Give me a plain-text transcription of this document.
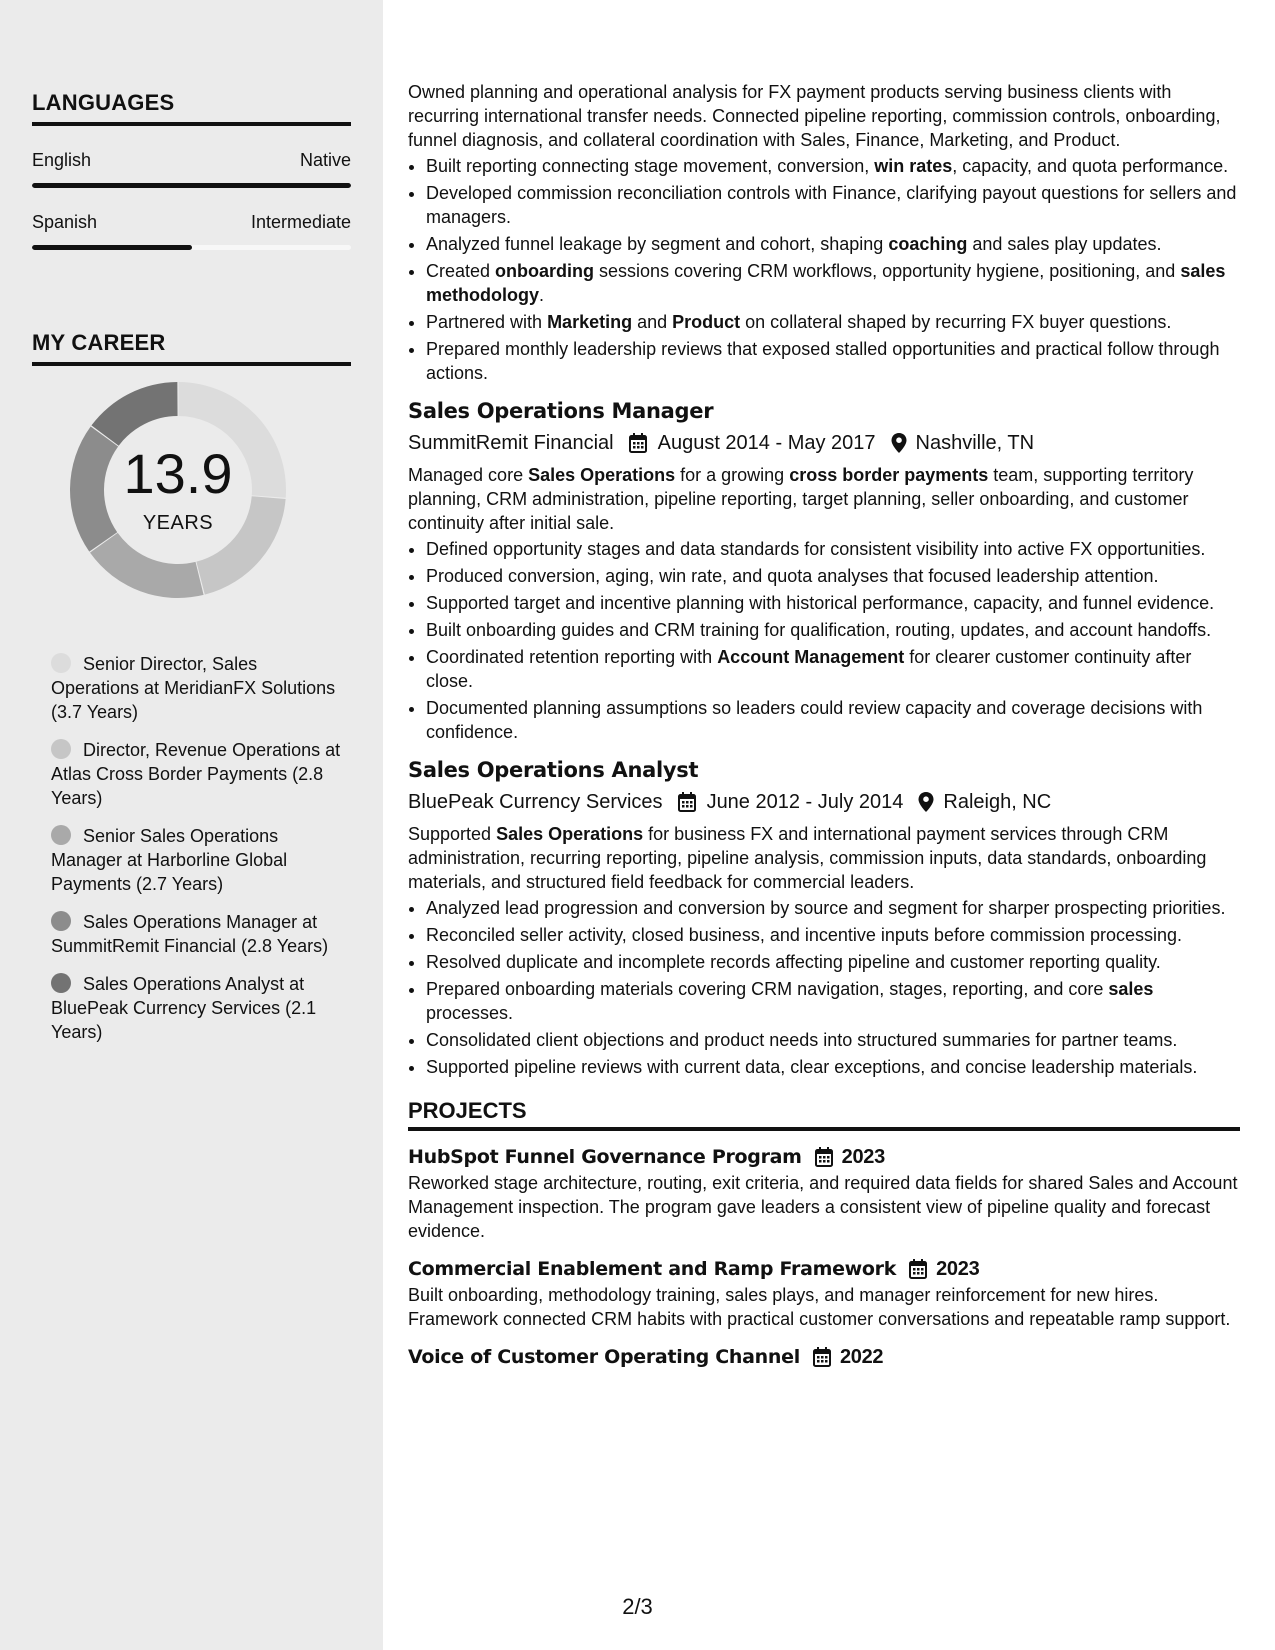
LANGUAGES
English	Native
Spanish	Intermediate
MY CAREER
13.9
YEARS
Senior Director, Sales Operations at MeridianFX Solutions (3.7 Years)
Director, Revenue Operations at Atlas Cross Border Payments (2.8 Years)
Senior Sales Operations Manager at Harborline Global Payments (2.7 Years)
Sales Operations Manager at SummitRemit Financial (2.8 Years)
Sales Operations Analyst at BluePeak Currency Services (2.1 Years)

Owned planning and operational analysis for FX payment products serving business clients with recurring international transfer needs. Connected pipeline reporting, commission controls, onboarding, funnel diagnosis, and collateral coordination with Sales, Finance, Marketing, and Product.

• Built reporting connecting stage movement, conversion, win rates, capacity, and quota performance.
• Developed commission reconciliation controls with Finance, clarifying payout questions for sellers and managers.
• Analyzed funnel leakage by segment and cohort, shaping coaching and sales play updates.
• Created onboarding sessions covering CRM workflows, opportunity hygiene, positioning, and sales methodology.
• Partnered with Marketing and Product on collateral shaped by recurring FX buyer questions.
• Prepared monthly leadership reviews that exposed stalled opportunities and practical follow through actions.
Sales Operations Manager
SummitRemit Financial August 2014 - May 2017 Nashville, TN

Managed core Sales Operations for a growing cross border payments team, supporting territory planning, CRM administration, pipeline reporting, target planning, seller onboarding, and customer continuity after initial sale.

• Defined opportunity stages and data standards for consistent visibility into active FX opportunities.
• Produced conversion, aging, win rate, and quota analyses that focused leadership attention.
• Supported target and incentive planning with historical performance, capacity, and funnel evidence.
• Built onboarding guides and CRM training for qualification, routing, updates, and account handoffs.
• Coordinated retention reporting with Account Management for clearer customer continuity after close.
• Documented planning assumptions so leaders could review capacity and coverage decisions with confidence.
Sales Operations Analyst
BluePeak Currency Services June 2012 - July 2014 Raleigh, NC

Supported Sales Operations for business FX and international payment services through CRM administration, recurring reporting, pipeline analysis, commission inputs, data standards, onboarding materials, and structured field feedback for commercial leaders.

• Analyzed lead progression and conversion by source and segment for sharper prospecting priorities.
• Reconciled seller activity, closed business, and incentive inputs before commission processing.
• Resolved duplicate and incomplete records affecting pipeline and customer reporting quality.
• Prepared onboarding materials covering CRM navigation, stages, reporting, and core sales processes.
• Consolidated client objections and product needs into structured summaries for partner teams.
• Supported pipeline reviews with current data, clear exceptions, and concise leadership materials.
PROJECTS
HubSpot Funnel Governance Program 2023

Reworked stage architecture, routing, exit criteria, and required data fields for shared Sales and Account Management inspection. The program gave leaders a consistent view of pipeline quality and forecast evidence.

Commercial Enablement and Ramp Framework 2023

Built onboarding, methodology training, sales plays, and manager reinforcement for new hires. Framework connected CRM habits with practical customer conversations and repeatable ramp support.

Voice of Customer Operating Channel 2022
2/3
